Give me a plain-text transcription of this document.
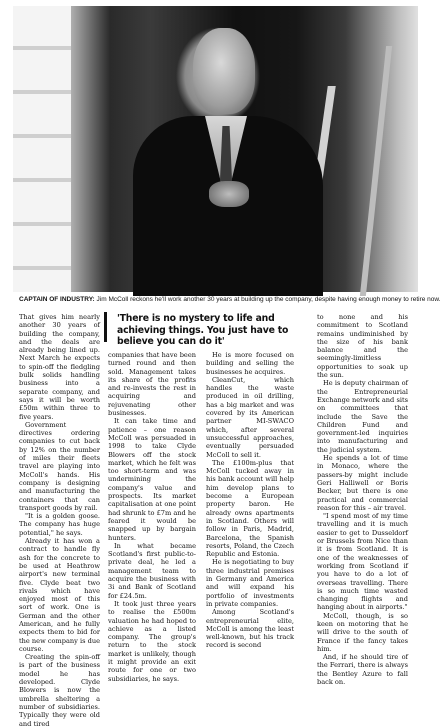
CAPTAIN OF INDUSTRY: Jim McColl reckons he'll work another 30 years at building up the company, despite having enough money to retire now.

That gives him nearly another 30 years of building the company, and the deals are already being lined up. Next March he expects to spin-off the fledgling bulk solids handling business into a separate company, and says it will be worth £50m within three to five years.

Government directives ordering companies to cut back by 12% on the number of miles their fleets travel are playing into McColl's hands. His company is designing and manufacturing the containers that can transport goods by rail.

"It is a golden goose. The company has huge potential," he says.

Already it has won a contract to handle fly ash for the concrete to be used at Heathrow airport's new terminal five. Clyde beat two rivals which have enjoyed most of this sort of work. One is German and the other American, and he fully expects them to bid for the new company is due course.

Creating the spin-off is part of the business model he has developed. Clyde Blowers is now the umbrella sheltering a number of subsidiaries. Typically they were old and tired

'There is no mystery to life and achieving things. You just have to believe you can do it'

companies that have been turned round and then sold. Management takes its share of the profits and re-invests the rest in acquiring and rejuvenating other businesses.

It can take time and patience – one reason McColl was persuaded in 1998 to take Clyde Blowers off the stock market, which he felt was too short-term and was undermining the company's value and prospects. Its market capitalisation at one point had shrunk to £7m and he feared it would be snapped up by bargain hunters.

In what became Scotland's first public-to-private deal, he led a management team to acquire the business with 3i and Bank of Scotland for £24.5m.

It took just three years to realise the £500m valuation he had hoped to achieve as a listed company. The group's return to the stock market is unlikely, though it might provide an exit route for one or two subsidiaries, he says.

He is more focused on building and selling the businesses he acquires.

CleanCut, which handles the waste produced in oil drilling, has a big market and was covered by its American partner MI-SWACO which, after several unsuccessful approaches, eventually persuaded McColl to sell it.

The £100m-plus that McColl tucked away in his bank account will help him develop plans to become a European property baron. He already owns apartments in Scotland. Others will follow in Paris, Madrid, Barcelona, the Spanish resorts, Poland, the Czech Republic and Estonia.

He is negotiating to buy three industrial premises in Germany and America and will expand his portfolio of investments in private companies.

Among Scotland's entrepreneurial elite, McColl is among the least well-known, but his track record is second

to none and his commitment to Scotland remains undiminished by the size of his bank balance and the seemingly-limitless opportunities to soak up the sun.

He is deputy chairman of the Entrepreneurial Exchange network and sits on committees that include the Save the Children Fund and government-led inquiries into manufacturing and the judicial system.

He spends a lot of time in Monaco, where the passers-by might include Geri Halliwell or Boris Becker, but there is one practical and commercial reason for this – air travel.

"I spend most of my time travelling and it is much easier to get to Dusseldorf or Brussels from Nice than it is from Scotland. It is one of the weaknesses of working from Scotland if you have to do a lot of overseas travelling. There is so much time wasted changing flights and hanging about in airports."

McColl, though, is so keen on motoring that he will drive to the south of France if the fancy takes him.

And, if he should tire of the Ferrari, there is always the Bentley Azure to fall back on.
